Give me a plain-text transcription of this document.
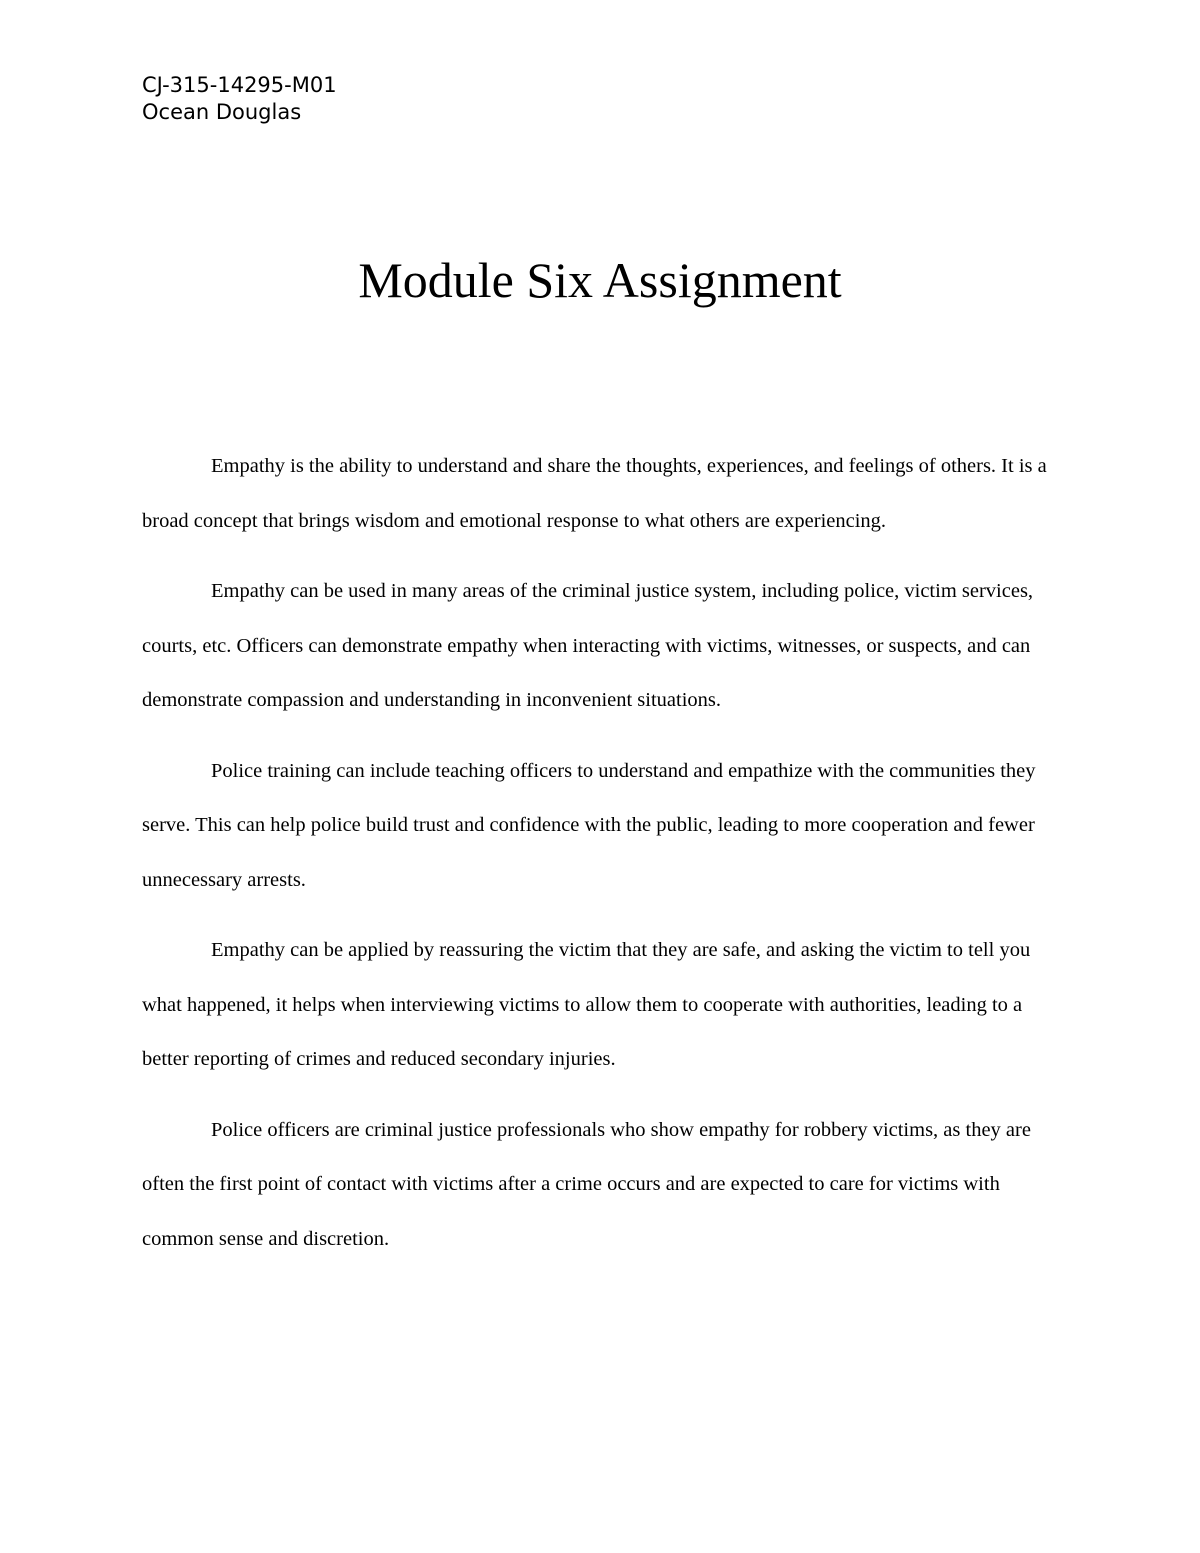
CJ-315-14295-M01
Ocean Douglas
Module Six Assignment

Empathy is the ability to understand and share the thoughts, experiences, and feelings of others. It is a broad concept that brings wisdom and emotional response to what others are experiencing.

Empathy can be used in many areas of the criminal justice system, including police, victim services, courts, etc. Officers can demonstrate empathy when interacting with victims, witnesses, or suspects, and can demonstrate compassion and understanding in inconvenient situations.

Police training can include teaching officers to understand and empathize with the communities they serve. This can help police build trust and confidence with the public, leading to more cooperation and fewer unnecessary arrests.

Empathy can be applied by reassuring the victim that they are safe, and asking the victim to tell you what happened, it helps when interviewing victims to allow them to cooperate with authorities, leading to a better reporting of crimes and reduced secondary injuries.

Police officers are criminal justice professionals who show empathy for robbery victims, as they are often the first point of contact with victims after a crime occurs and are expected to care for victims with common sense and discretion.
